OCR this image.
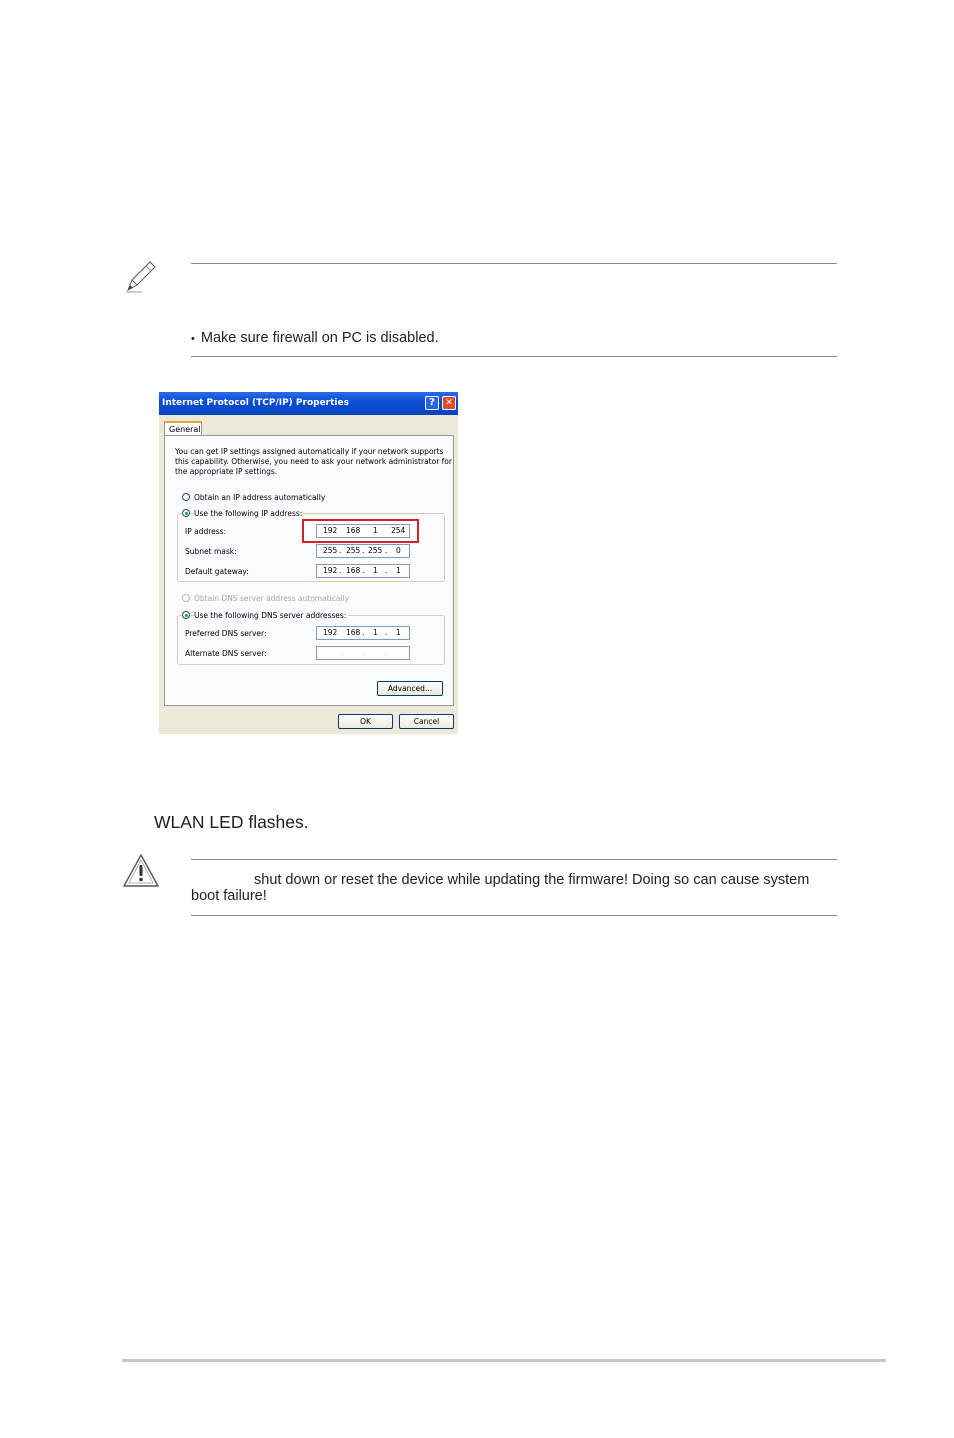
• Make sure firewall on PC is disabled.
Internet Protocol (TCP/IP) Properties	?	✕
General
You can get IP settings assigned automatically if your network supports
this capability. Otherwise, you need to ask your network administrator for
the appropriate IP settings.
Obtain an IP address automatically
Use the following IP address:
IP address:	192 168 1 254
Subnet mask:	255 . 255 . 255 . 0
Default gateway:	192 . 168 . 1 . 1
Obtain DNS server address automatically
Use the following DNS server addresses:
Preferred DNS server:	192 168 . 1 . 1
Alternate DNS server:	.	.	.
Advanced...
OK	Cancel
WLAN LED flashes.
shut down or reset the device while updating the firmware! Doing so can cause system
boot failure!
